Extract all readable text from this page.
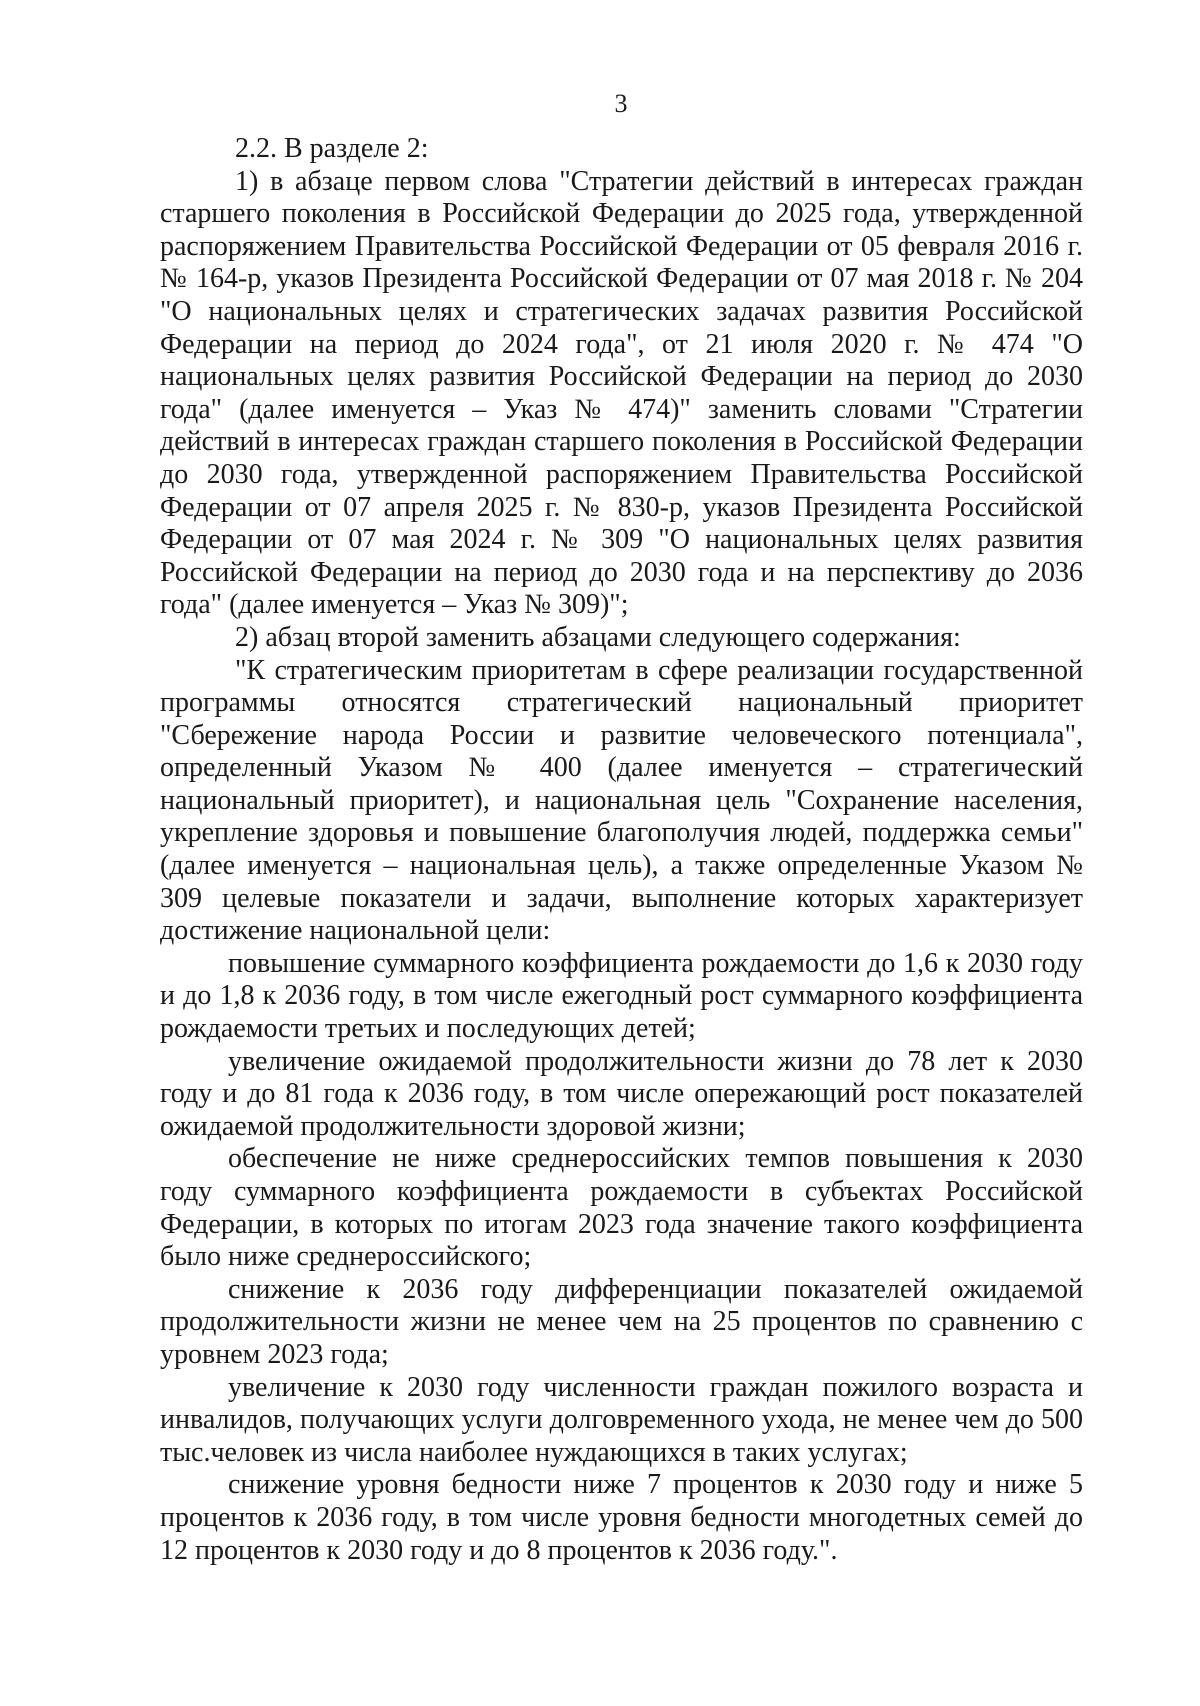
3

2.2. В разделе 2:

1) в абзаце первом слова "Стратегии действий в интересах граждан старшего поколения в Российской Федерации до 2025 года, утвержденной распоряжением Правительства Российской Федерации от 05 февраля 2016 г. № 164-р, указов Президента Российской Федерации от 07 мая 2018 г. № 204 "О национальных целях и стратегических задачах развития Российской Федерации на период до 2024 года", от 21 июля 2020 г. № 474 "О национальных целях развития Российской Федерации на период до 2030 года" (далее именуется – Указ № 474)" заменить словами "Стратегии действий в интересах граждан старшего поколения в Российской Федерации до 2030 года, утвержденной распоряжением Правительства Российской Федерации от 07 апреля 2025 г. № 830-р, указов Президента Российской Федерации от 07 мая 2024 г. № 309 "О национальных целях развития Российской Федерации на период до 2030 года и на перспективу до 2036 года" (далее именуется – Указ № 309)";

2) абзац второй заменить абзацами следующего содержания:

"К стратегическим приоритетам в сфере реализации государственной программы относятся стратегический национальный приоритет "Сбережение народа России и развитие человеческого потенциала", определенный Указом № 400 (далее именуется – стратегический национальный приоритет), и национальная цель "Сохранение населения, укрепление здоровья и повышение благополучия людей, поддержка семьи" (далее именуется – национальная цель), а также определенные Указом № 309 целевые показатели и задачи, выполнение которых характеризует достижение национальной цели:

повышение суммарного коэффициента рождаемости до 1,6 к 2030 году и до 1,8 к 2036 году, в том числе ежегодный рост суммарного коэффициента рождаемости третьих и последующих детей;

увеличение ожидаемой продолжительности жизни до 78 лет к 2030 году и до 81 года к 2036 году, в том числе опережающий рост показателей ожидаемой продолжительности здоровой жизни;

обеспечение не ниже среднероссийских темпов повышения к 2030 году суммарного коэффициента рождаемости в субъектах Российской Федерации, в которых по итогам 2023 года значение такого коэффициента было ниже среднероссийского;

снижение к 2036 году дифференциации показателей ожидаемой продолжительности жизни не менее чем на 25 процентов по сравнению с уровнем 2023 года;

увеличение к 2030 году численности граждан пожилого возраста и инвалидов, получающих услуги долговременного ухода, не менее чем до 500 тыс.человек из числа наиболее нуждающихся в таких услугах;

снижение уровня бедности ниже 7 процентов к 2030 году и ниже 5 процентов к 2036 году, в том числе уровня бедности многодетных семей до 12 процентов к 2030 году и до 8 процентов к 2036 году.".
